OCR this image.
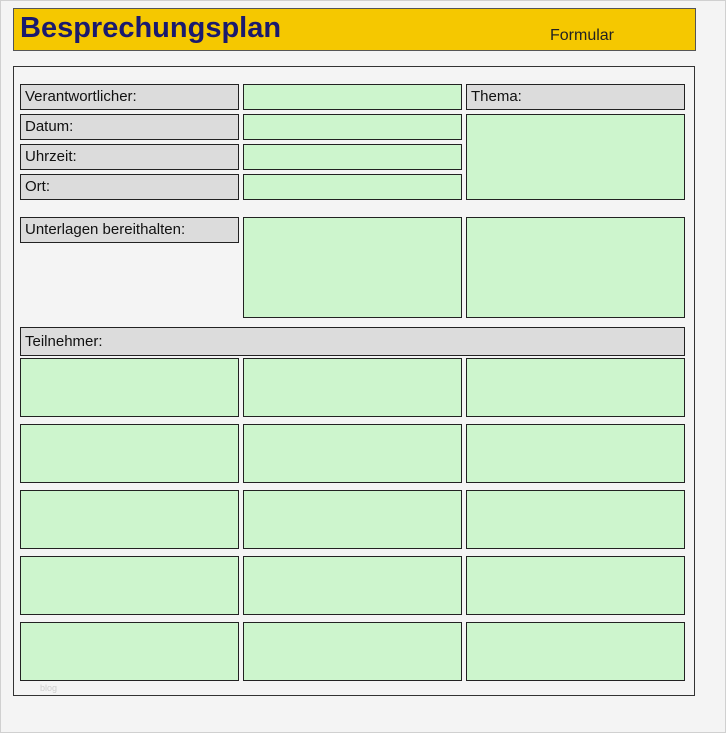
Besprechungsplan	Formular
Verantwortlicher:
Datum:
Uhrzeit:
Ort:
Thema:
Unterlagen bereithalten:
Teilnehmer:
blog
